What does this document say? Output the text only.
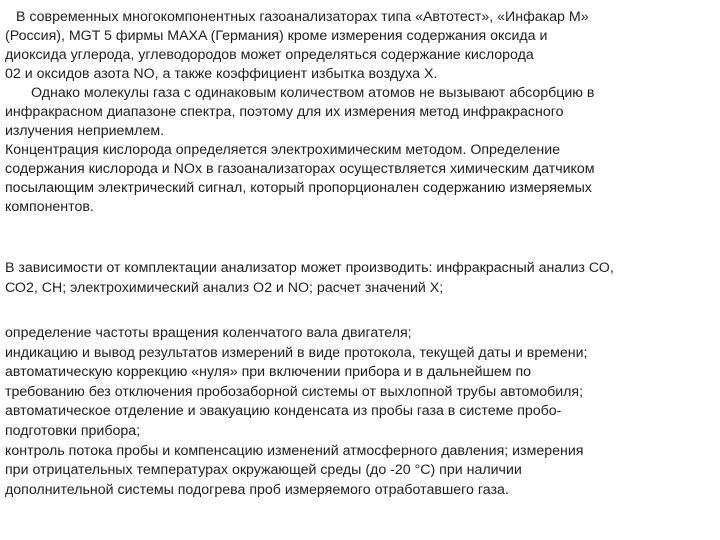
В современных многокомпонентных газоанализаторах типа «Автотест», «Инфакар М»
(Россия), MGT 5 фирмы MAXA (Германия) кроме измерения содержания оксида и
диоксида углерода, углеводородов может определяться содержание кислорода
02 и оксидов азота NO, а также коэффициент избытка воздуха X.

Однако молекулы газа с одинаковым количеством атомов не вызывают абсорбцию в
инфракрасном диапазоне спектра, поэтому для их измерения метод инфракрасного
излучения неприемлем.

Концентрация кислорода определяется электрохимическим методом. Определение
содержания кислорода и NOx в газоанализаторах осуществляется химическим датчиком
посылающим электрический сигнал, который пропорционален содержанию измеряемых
компонентов.

В зависимости от комплектации анализатор может производить: инфракрасный анализ СО,
СО2, СН; электрохимический анализ О2 и NO; расчет значений X;

определение частоты вращения коленчатого вала двигателя;
индикацию и вывод результатов измерений в виде протокола, текущей даты и времени;
автоматическую коррекцию «нуля» при включении прибора и в дальнейшем по
требованию без отключения пробозаборной системы от выхлопной трубы автомобиля;
автоматическое отделение и эвакуацию конденсата из пробы газа в системе пробо-
подготовки прибора;
контроль потока пробы и компенсацию изменений атмосферного давления; измерения
при отрицательных температурах окружающей среды (до -20 °С) при наличии
дополнительной системы подогрева проб измеряемого отработавшего газа.
